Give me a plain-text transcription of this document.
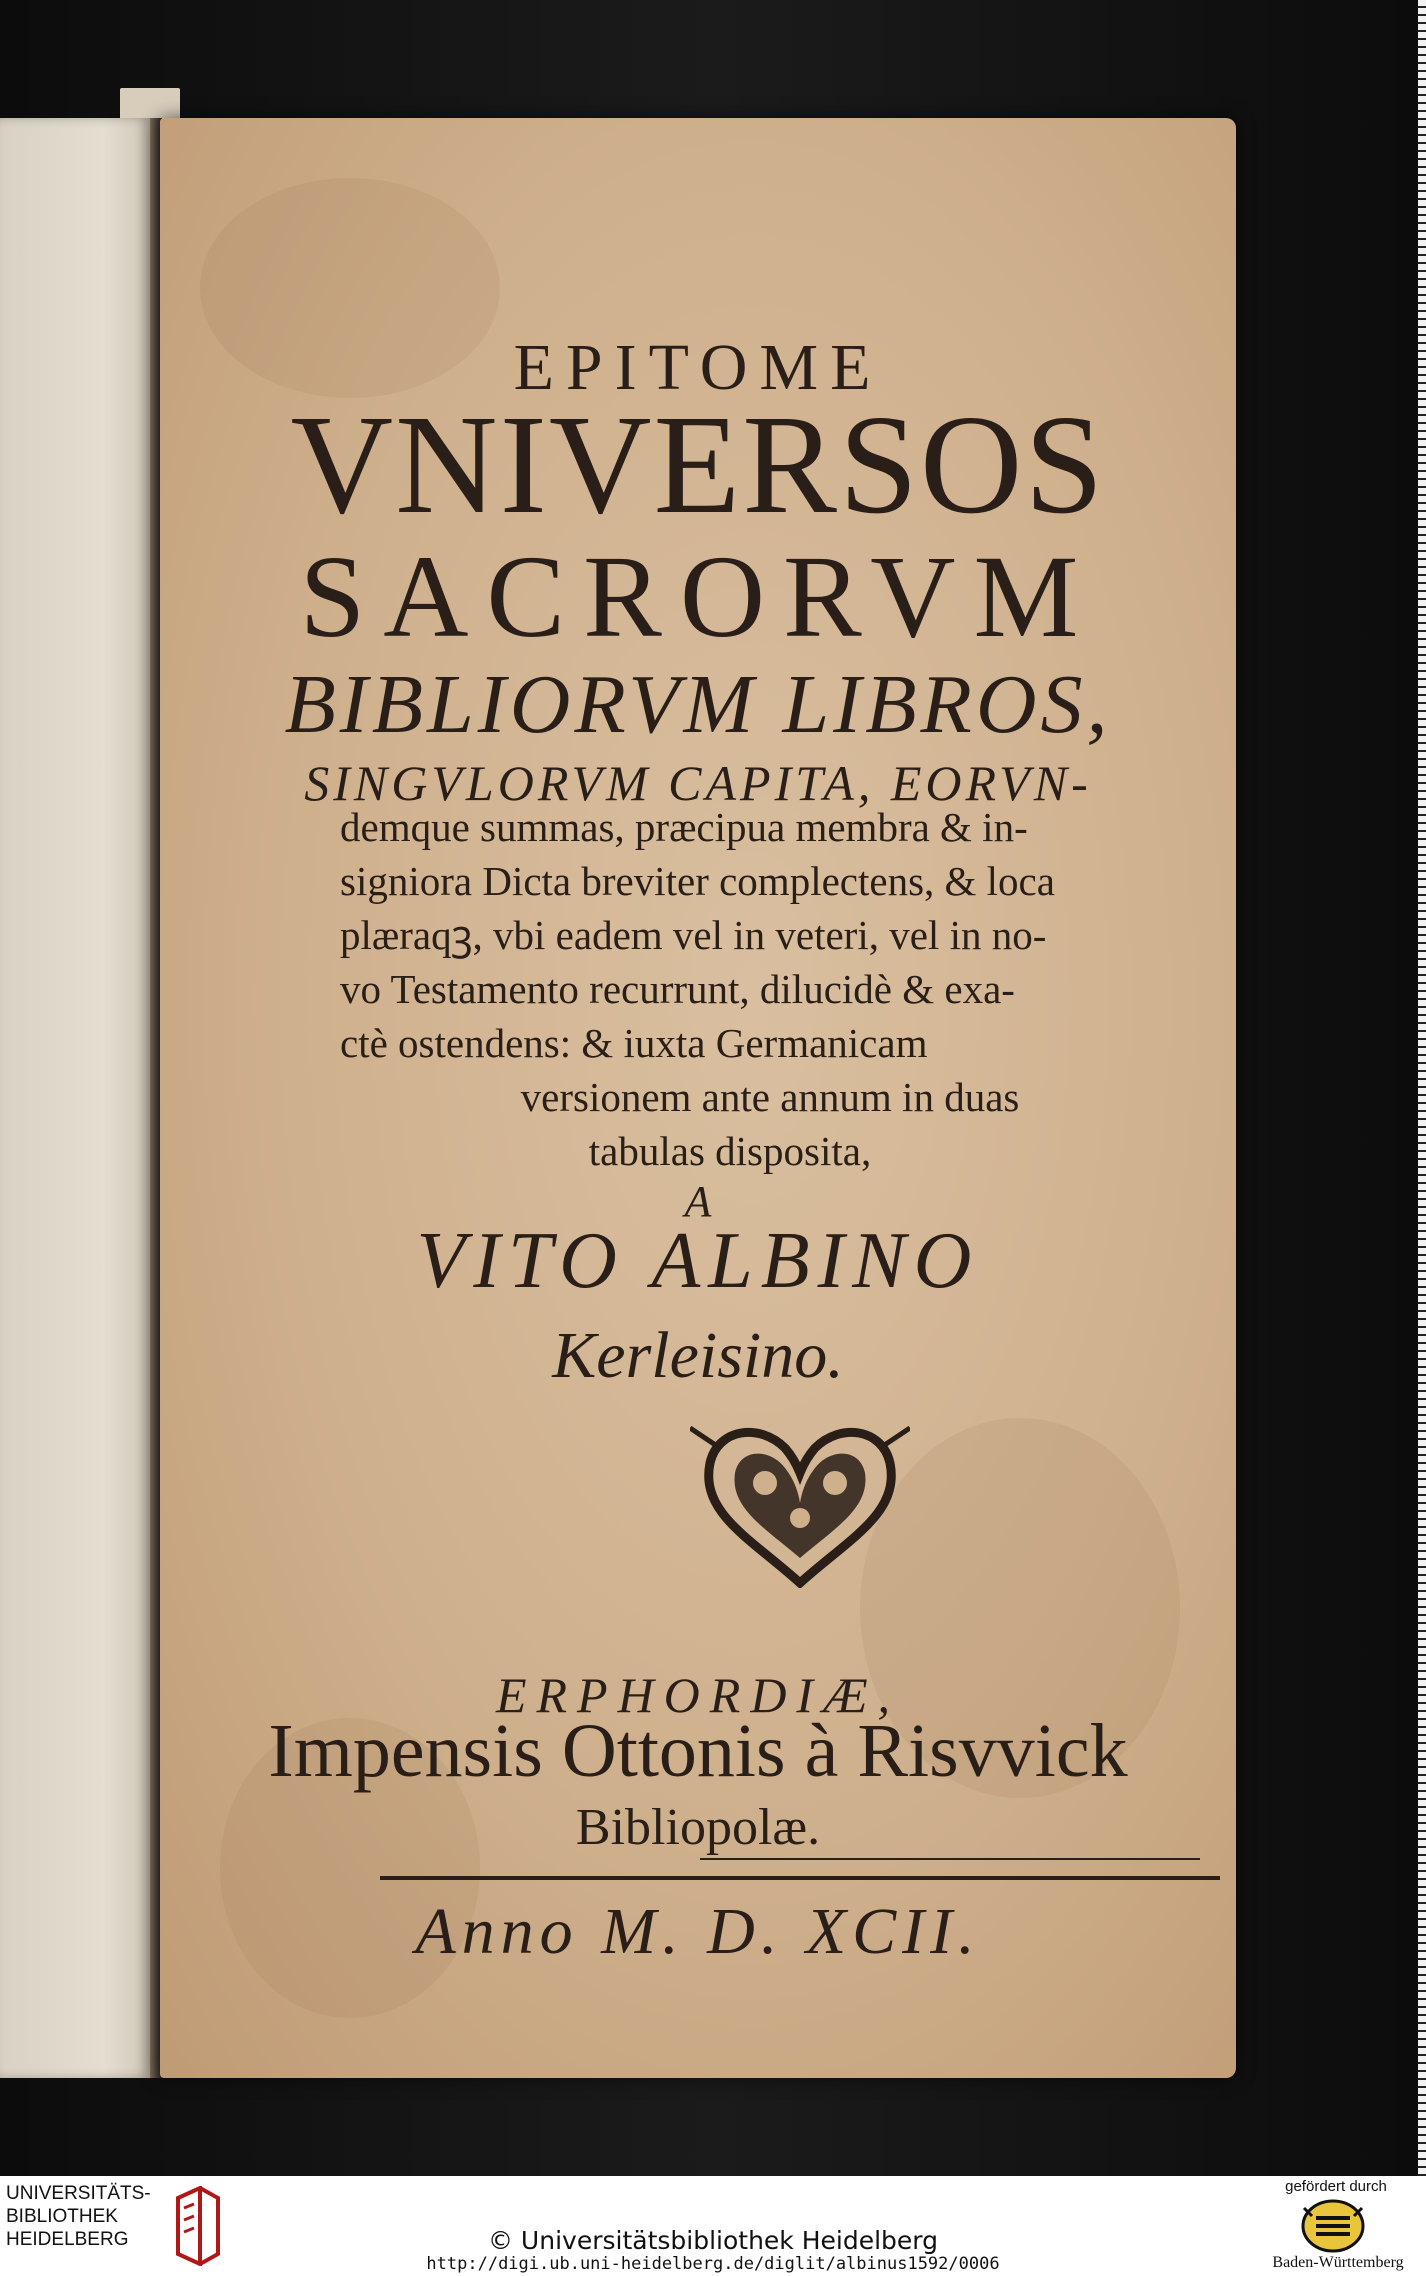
EPITOME
VNIVERSOS
SACRORVM
BIBLIORVM LIBROS,
SINGVLORVM CAPITA, EORVN-
demque summas, præcipua membra & in-
signiora Dicta breviter complectens, & loca
plæraqꝫ, vbi eadem vel in veteri, vel in no-
vo Testamento recurrunt, dilucidè & exa-
ctè ostendens: & iuxta Germanicam
versionem ante annum in duas
tabulas disposita,
A
VITO ALBINO
Kerleisino.
ERPHORDIÆ,
Impensis Ottonis à Risvvick
Bibliopolæ.
Anno M. D. XCII.
UNIVERSITÄTS-
BIBLIOTHEK
HEIDELBERG	© Universitätsbibliothek Heidelberg
http://digi.ub.uni-heidelberg.de/diglit/albinus1592/0006
gefördert durch
Baden-Württemberg
